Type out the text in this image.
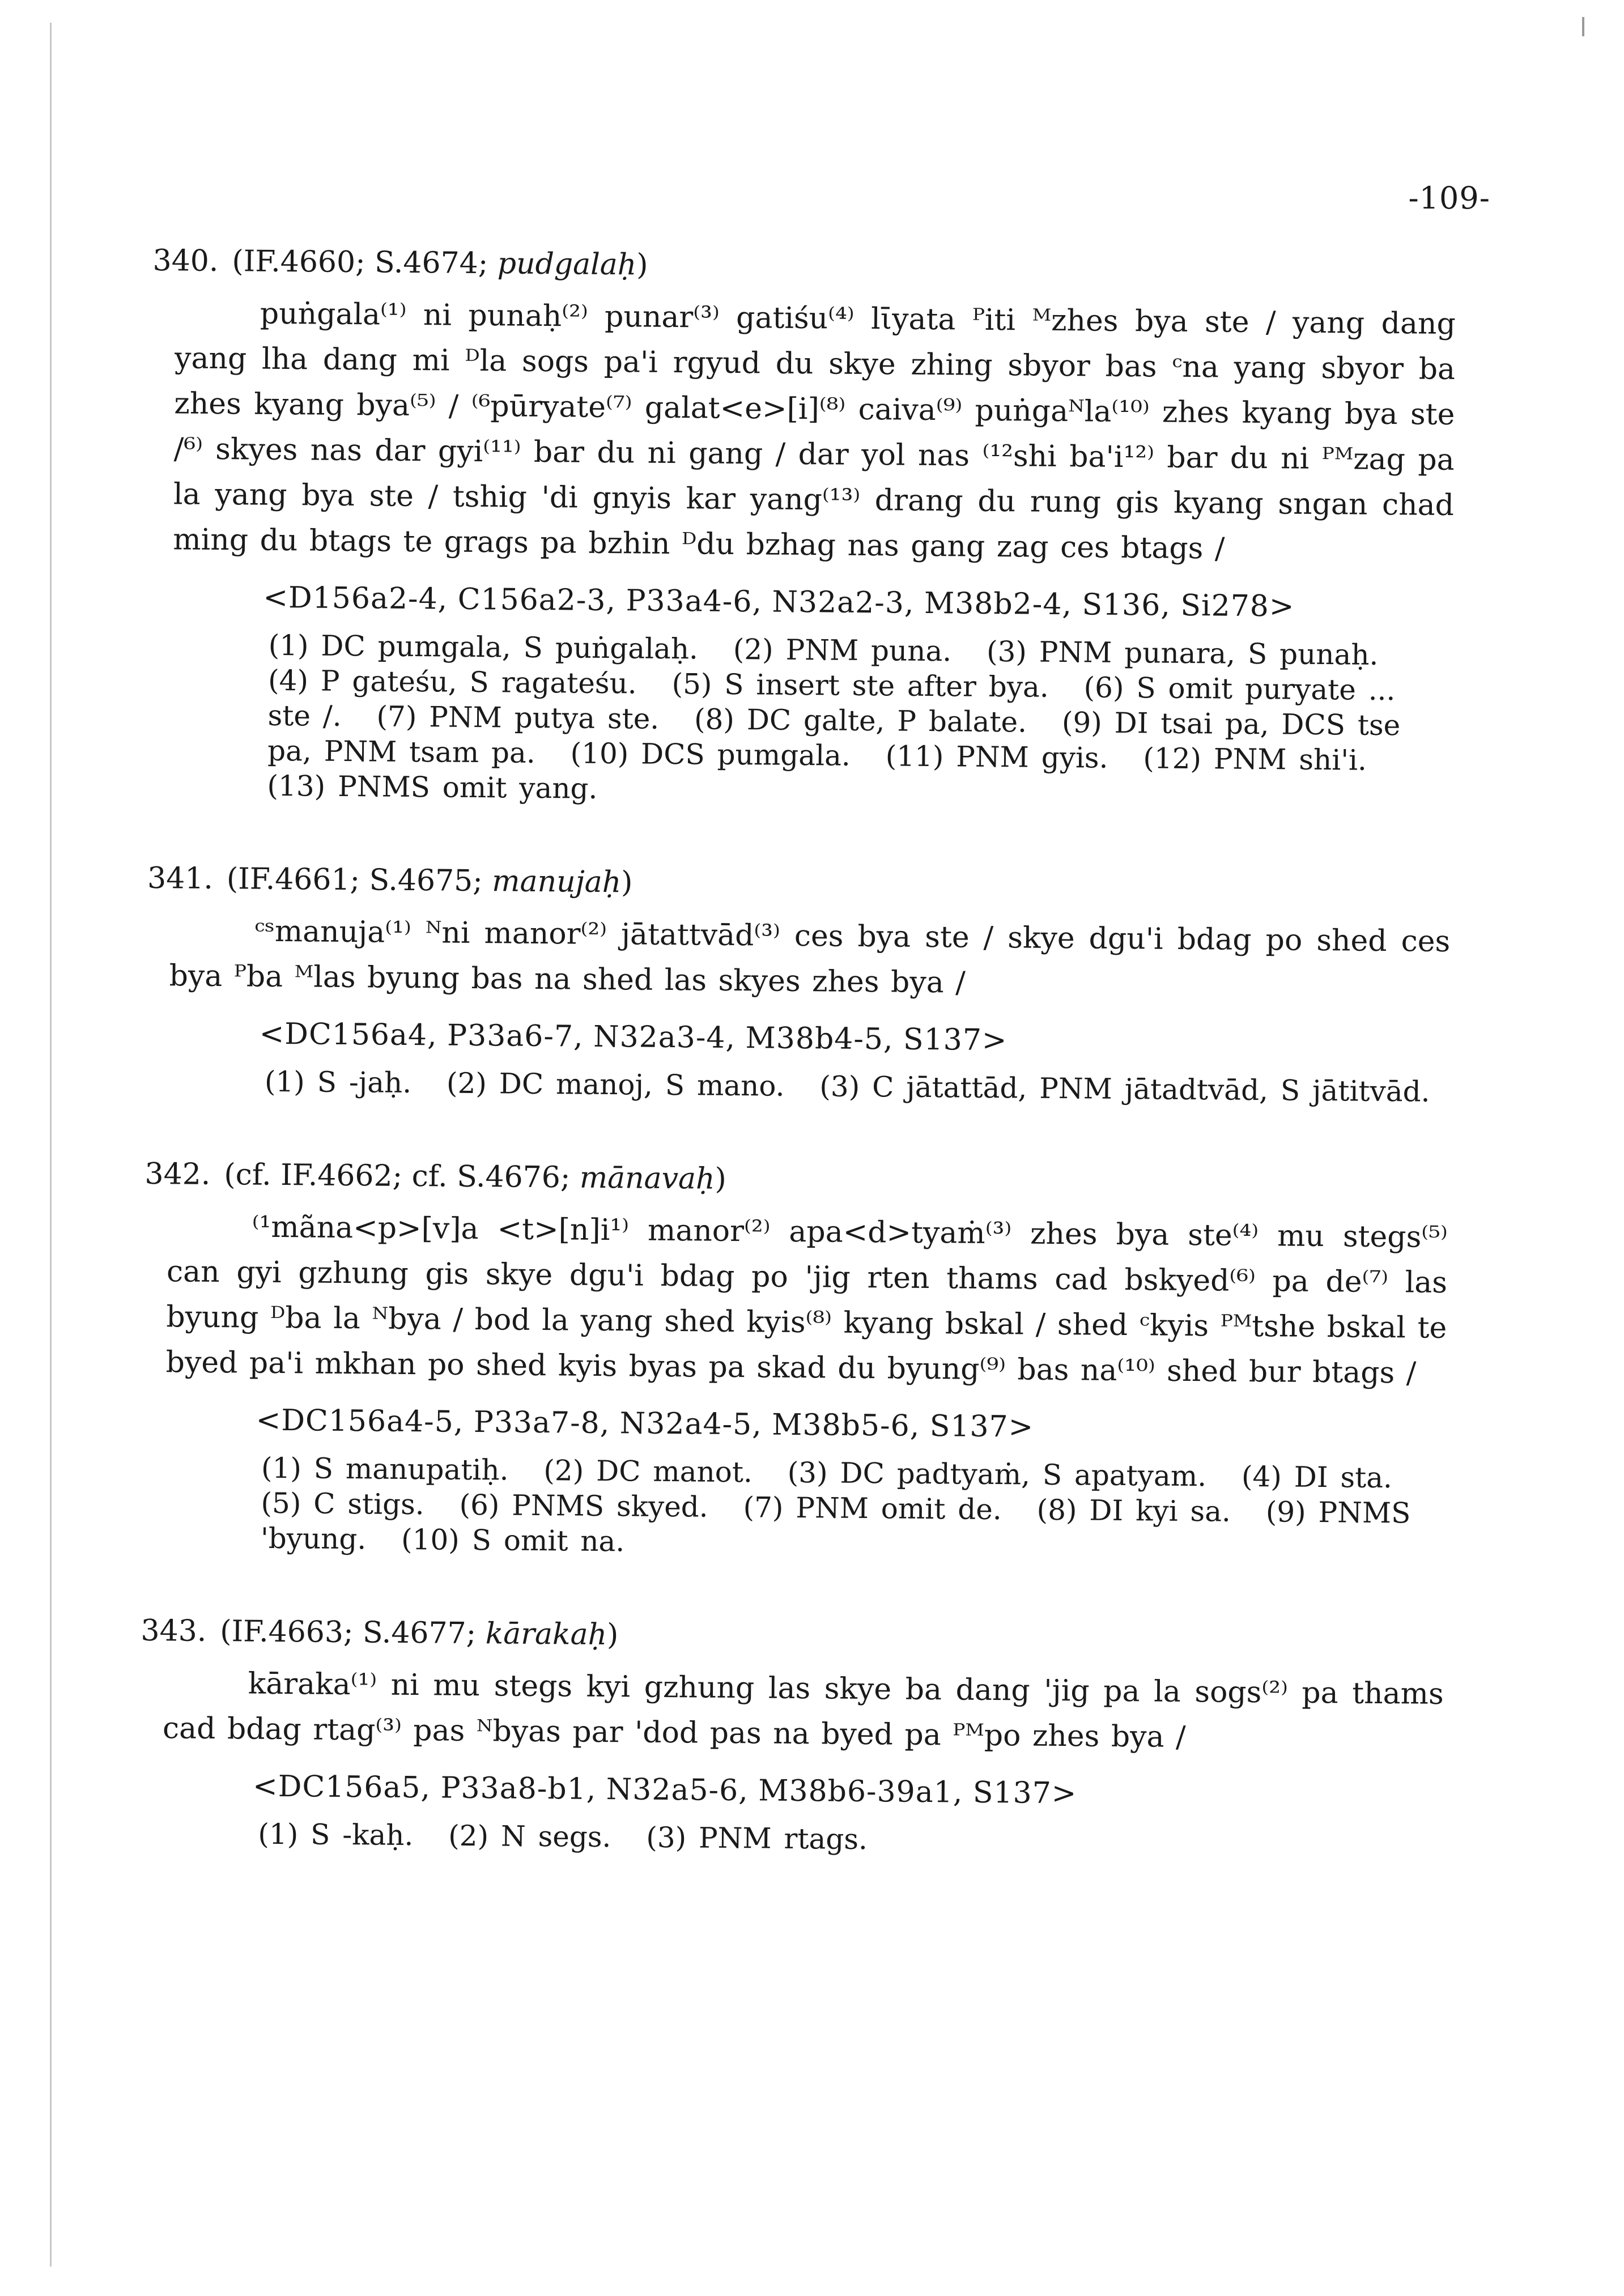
-109-
340. (IF.4660; S.4674; pudgalaḥ)

puṅgala⁽¹⁾ ni punaḥ⁽²⁾ punar⁽³⁾ gatiśu⁽⁴⁾ lῑyata ᴾiti ᴹzhes bya ste / yang dang yang lha dang mi ᴰla sogs pa'i rgyud du skye zhing sbyor bas ᶜna yang sbyor ba zhes kyang bya⁽⁵⁾ / ⁽⁶pūryate⁽⁷⁾ galat<e>[i]⁽⁸⁾ caiva⁽⁹⁾ puṅgaᴺla⁽¹⁰⁾ zhes kyang bya ste /⁶⁾ skyes nas dar gyi⁽¹¹⁾ bar du ni gang / dar yol nas ⁽¹²shi ba'i¹²⁾ bar du ni ᴾᴹzag pa la yang bya ste / tshig 'di gnyis kar yang⁽¹³⁾ drang du rung gis kyang sngan chad ming du btags te grags pa bzhin ᴰdu bzhag nas gang zag ces btags /

<D156a2-4, C156a2-3, P33a4-6, N32a2-3, M38b2-4, S136, Si278>
(1) DC pumgala, S puṅgalaḥ. (2) PNM puna. (3) PNM punara, S punaḥ. (4) P gateśu, S ragateśu. (5) S insert ste after bya. (6) S omit puryate ... ste /. (7) PNM putya ste. (8) DC galte, P balate. (9) DI tsai pa, DCS tse pa, PNM tsam pa. (10) DCS pumgala. (11) PNM gyis. (12) PNM shi'i. (13) PNMS omit yang.
341. (IF.4661; S.4675; manujaḥ)

ᶜˢmanuja⁽¹⁾ ᴺni manor⁽²⁾ jātattvād⁽³⁾ ces bya ste / skye dgu'i bdag po shed ces bya ᴾba ᴹlas byung bas na shed las skyes zhes bya /

<DC156a4, P33a6-7, N32a3-4, M38b4-5, S137>
(1) S -jaḥ. (2) DC manoj, S mano. (3) C jātattād, PNM jātadtvād, S jātitvād.
342. (cf. IF.4662; cf. S.4676; mānavaḥ)

⁽¹mãna<p>[v]a <t>[n]i¹⁾ manor⁽²⁾ apa<d>tyaṁ⁽³⁾ zhes bya ste⁽⁴⁾ mu stegs⁽⁵⁾ can gyi gzhung gis skye dgu'i bdag po 'jig rten thams cad bskyed⁽⁶⁾ pa de⁽⁷⁾ las byung ᴰba la ᴺbya / bod la yang shed kyis⁽⁸⁾ kyang bskal / shed ᶜkyis ᴾᴹtshe bskal te byed pa'i mkhan po shed kyis byas pa skad du byung⁽⁹⁾ bas na⁽¹⁰⁾ shed bur btags /

<DC156a4-5, P33a7-8, N32a4-5, M38b5-6, S137>
(1) S manupatiḥ. (2) DC manot. (3) DC padtyaṁ, S apatyam. (4) DI sta. (5) C stigs. (6) PNMS skyed. (7) PNM omit de. (8) DI kyi sa. (9) PNMS 'byung. (10) S omit na.
343. (IF.4663; S.4677; kārakaḥ)

kāraka⁽¹⁾ ni mu stegs kyi gzhung las skye ba dang 'jig pa la sogs⁽²⁾ pa thams cad bdag rtag⁽³⁾ pas ᴺbyas par 'dod pas na byed pa ᴾᴹpo zhes bya /

<DC156a5, P33a8-b1, N32a5-6, M38b6-39a1, S137>
(1) S -kaḥ. (2) N segs. (3) PNM rtags.
